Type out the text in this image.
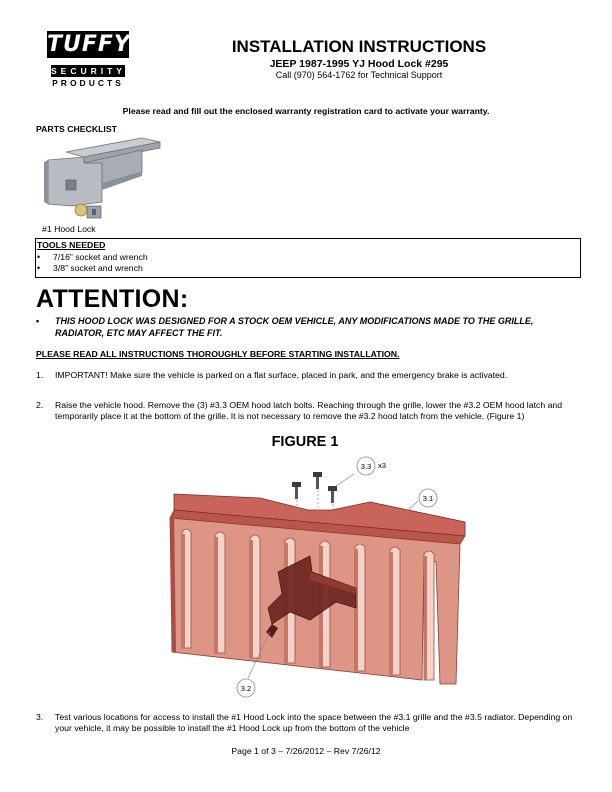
TUFFY
SECURITY
PRODUCTS
INSTALLATION INSTRUCTIONS
JEEP 1987-1995 YJ Hood Lock #295
Call (970) 564-1762 for Technical Support
Please read and fill out the enclosed warranty registration card to activate your warranty.
PARTS CHECKLIST
#1 Hood Lock
TOOLS NEEDED
• 7/16” socket and wrench
• 3/8” socket and wrench
ATTENTION:
• THIS HOOD LOCK WAS DESIGNED FOR A STOCK OEM VEHICLE, ANY MODIFICATIONS MADE TO THE GRILLE, RADIATOR, ETC MAY AFFECT THE FIT.
PLEASE READ ALL INSTRUCTIONS THOROUGHLY BEFORE STARTING INSTALLATION.
1. IMPORTANT! Make sure the vehicle is parked on a flat surface, placed in park, and the emergency brake is activated.
2. Raise the vehicle hood. Remove the (3) #3.3 OEM hood latch bolts. Reaching through the grille, lower the #3.2 OEM hood latch and temporarily place it at the bottom of the grille. It is not necessary to remove the #3.2 hood latch from the vehicle. (Figure 1)
FIGURE 1
3.3 x3
3.1
3.2
3. Test various locations for access to install the #1 Hood Lock into the space between the #3.1 grille and the #3.5 radiator. Depending on your vehicle, it may be possible to install the #1 Hood Lock up from the bottom of the vehicle
Page 1 of 3 – 7/26/2012 – Rev 7/26/12
